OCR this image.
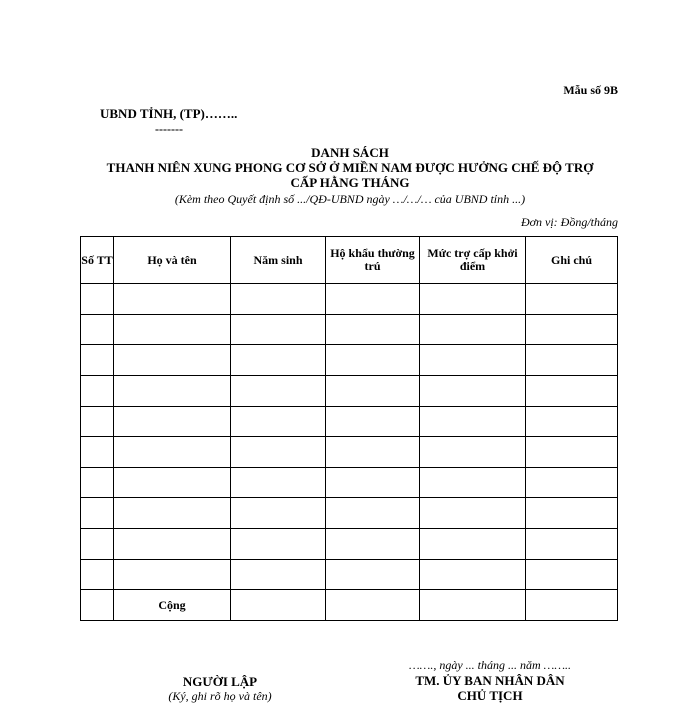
Mẫu số 9B
UBND TỈNH, (TP)……..
-------
DANH SÁCH
THANH NIÊN XUNG PHONG CƠ SỞ Ở MIỀN NAM ĐƯỢC HƯỞNG CHẾ ĐỘ TRỢ
CẤP HẰNG THÁNG
(Kèm theo Quyết định số .../QĐ-UBND ngày …/…/… của UBND tỉnh ...)
Đơn vị: Đồng/tháng
Số TT	Họ và tên	Năm sinh	Hộ khẩu thường trú	Mức trợ cấp khởi điểm	Ghi chú

	Cộng				
……., ngày ... tháng ... năm ……..
NGƯỜI LẬP
(Ký, ghi rõ họ và tên)
TM. ỦY BAN NHÂN DÂN
CHỦ TỊCH
